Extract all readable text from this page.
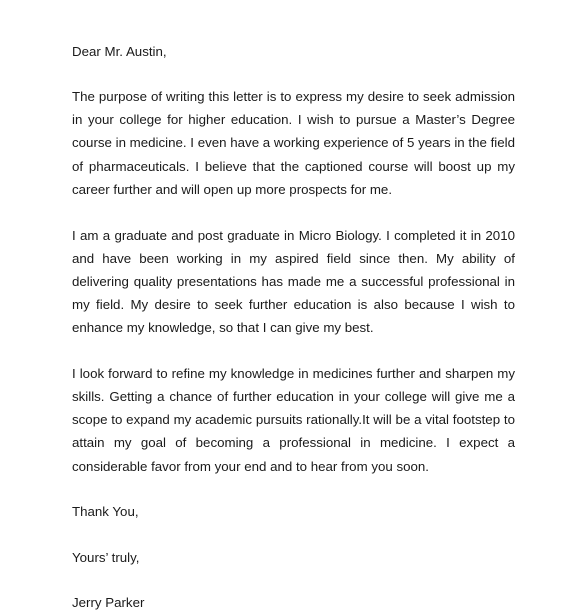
Dear Mr. Austin,

The purpose of writing this letter is to express my desire to seek admission in your college for higher education. I wish to pursue a Master’s Degree course in medicine. I even have a working experience of 5 years in the field of pharmaceuticals. I believe that the captioned course will boost up my career further and will open up more prospects for me.

I am a graduate and post graduate in Micro Biology. I completed it in 2010 and have been working in my aspired field since then. My ability of delivering quality presentations has made me a successful professional in my field. My desire to seek further education is also because I wish to enhance my knowledge, so that I can give my best.

I look forward to refine my knowledge in medicines further and sharpen my skills. Getting a chance of further education in your college will give me a scope to expand my academic pursuits rationally.It will be a vital footstep to attain my goal of becoming a professional in medicine. I expect a considerable favor from your end and to hear from you soon.

Thank You,

Yours’ truly,

Jerry Parker
